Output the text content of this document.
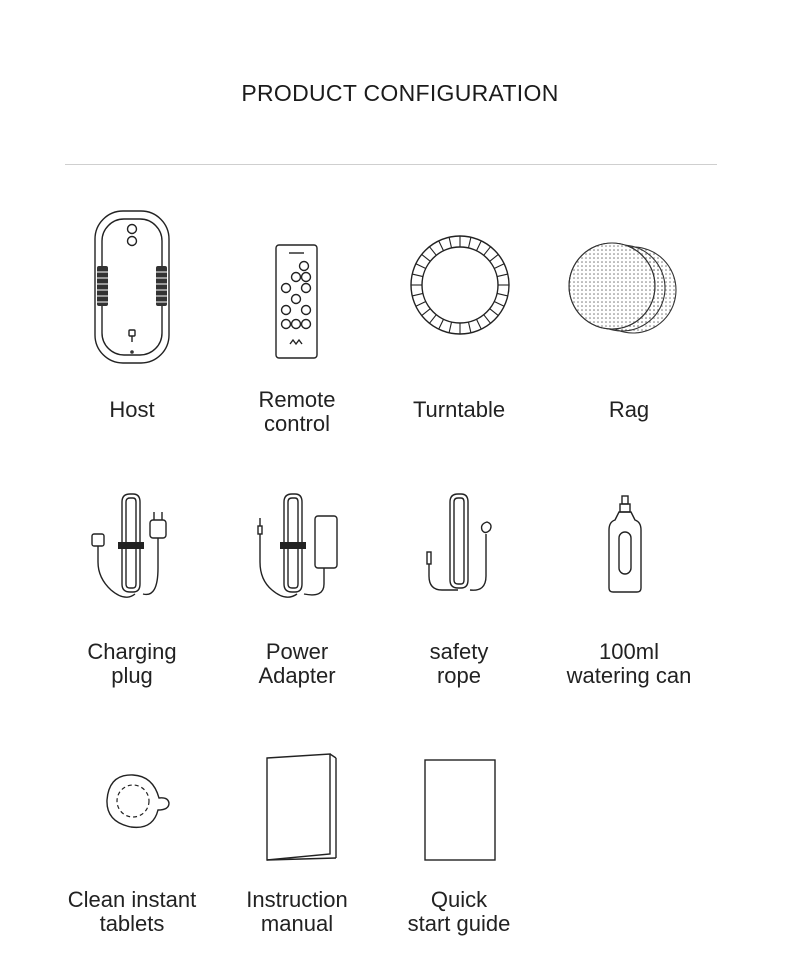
PRODUCT CONFIGURATION
Host	Remote
control
Turntable	Rag
Charging
plug
Power
Adapter
safety
rope
100ml
watering can
Clean instant
tablets
Instruction
manual
Quick
start guide
